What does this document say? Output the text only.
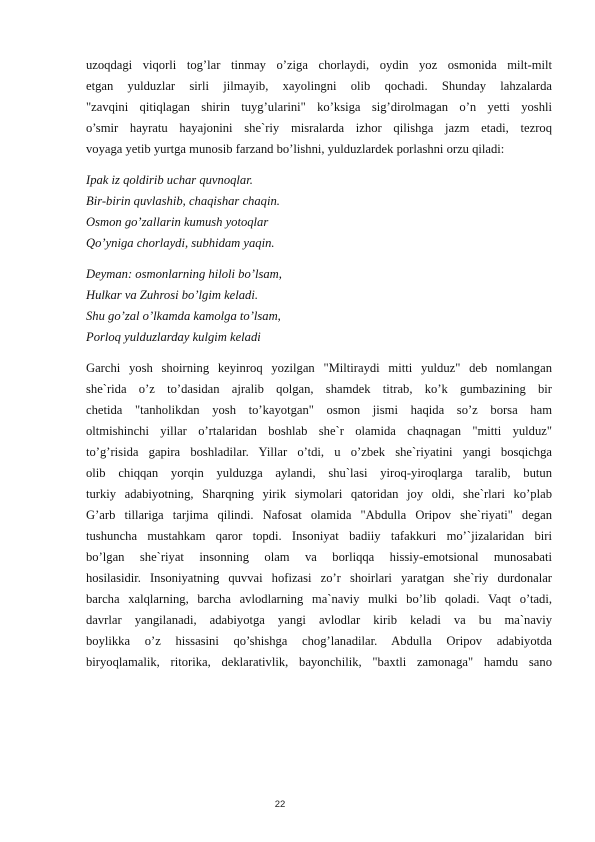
uzoqdagi viqorli tog’lar tinmay o’ziga chorlaydi, oydin yoz osmonida milt-milt
etgan yulduzlar sirli jilmayib, xayolingni olib qochadi. Shunday lahzalarda
"zavqini qitiqlagan shirin tuyg’ularini" ko’ksiga sig’dirolmagan o’n yetti yoshli
o’smir hayratu hayajonini she`riy misralarda izhor qilishga jazm etadi, tezroq
voyaga yetib yurtga munosib farzand bo’lishni, yulduzlardek porlashni orzu qiladi:

Ipak iz qoldirib uchar quvnoqlar.
Bir-birin quvlashib, chaqishar chaqin.
Osmon go’zallarin kumush yotoqlar
Qo’yniga chorlaydi, subhidam yaqin.
Deyman: osmonlarning hiloli bo’lsam,
Hulkar va Zuhrosi bo’lgim keladi.
Shu go’zal o’lkamda kamolga to’lsam,
Porloq yulduzlarday kulgim keladi

Garchi yosh shoirning keyinroq yozilgan "Miltiraydi mitti yulduz" deb nomlangan
she`rida o’z to’dasidan ajralib qolgan, shamdek titrab, ko’k gumbazining bir
chetida "tanholikdan yosh to’kayotgan" osmon jismi haqida so’z borsa ham
oltmishinchi yillar o’rtalaridan boshlab she`r olamida chaqnagan "mitti yulduz"
to’g’risida gapira boshladilar. Yillar o’tdi, u o’zbek she`riyatini yangi bosqichga
olib chiqqan yorqin yulduzga aylandi, shu`lasi yiroq-yiroqlarga taralib, butun
turkiy adabiyotning, Sharqning yirik siymolari qatoridan joy oldi, she`rlari ko’plab
G’arb tillariga tarjima qilindi. Nafosat olamida "Abdulla Oripov she`riyati" degan
tushuncha mustahkam qaror topdi. Insoniyat badiiy tafakkuri mo’`jizalaridan biri
bo’lgan she`riyat insonning olam va borliqqa hissiy-emotsional munosabati
hosilasidir. Insoniyatning quvvai hofizasi zo’r shoirlari yaratgan she`riy durdonalar
barcha xalqlarning, barcha avlodlarning ma`naviy mulki bo’lib qoladi. Vaqt o’tadi,
davrlar yangilanadi, adabiyotga yangi avlodlar kirib keladi va bu ma`naviy
boylikka o’z hissasini qo’shishga chog’lanadilar. Abdulla Oripov adabiyotda
biryoqlamalik, ritorika, deklarativlik, bayonchilik, "baxtli zamonaga" hamdu sano

22
